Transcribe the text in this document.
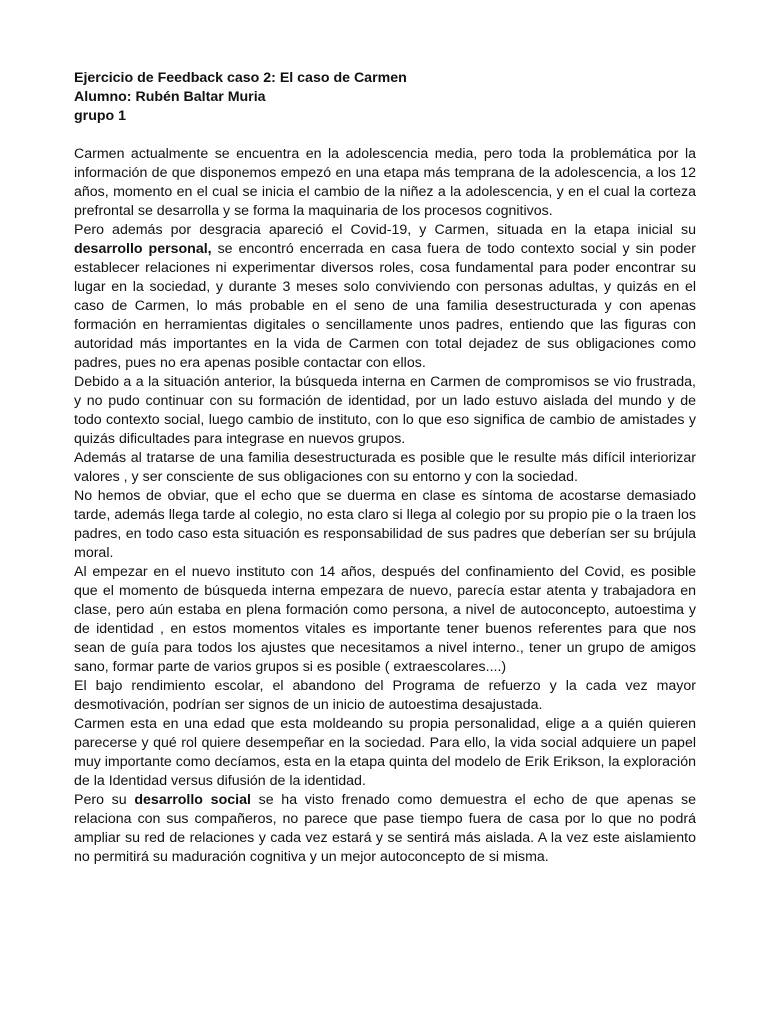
Ejercicio de Feedback caso 2: El caso de Carmen

Alumno: Rubén Baltar Muria

grupo 1

Carmen actualmente se encuentra en la adolescencia media, pero toda la problemática por la información de que disponemos empezó en una etapa más temprana de la adolescencia, a los 12 años, momento en el cual se inicia el cambio de la niñez a la adolescencia, y en el cual la corteza prefrontal se desarrolla y se forma la maquinaria de los procesos cognitivos.

Pero además por desgracia apareció el Covid-19, y Carmen, situada en la etapa inicial su desarrollo personal, se encontró encerrada en casa fuera de todo contexto social y sin poder establecer relaciones ni experimentar diversos roles, cosa fundamental para poder encontrar su lugar en la sociedad, y durante 3 meses solo conviviendo con personas adultas, y quizás en el caso de Carmen, lo más probable en el seno de una familia desestructurada y con apenas formación en herramientas digitales o sencillamente unos padres, entiendo que las figuras con autoridad más importantes en la vida de Carmen con total dejadez de sus obligaciones como padres, pues no era apenas posible contactar con ellos.

Debido a a la situación anterior, la búsqueda interna en Carmen de compromisos se vio frustrada, y no pudo continuar con su formación de identidad, por un lado estuvo aislada del mundo y de todo contexto social, luego cambio de instituto, con lo que eso significa de cambio de amistades y quizás dificultades para integrase en nuevos grupos.

Además al tratarse de una familia desestructurada es posible que le resulte más difícil interiorizar valores , y ser consciente de sus obligaciones con su entorno y con la sociedad.

No hemos de obviar, que el echo que se duerma en clase es síntoma de acostarse demasiado tarde, además llega tarde al colegio, no esta claro si llega al colegio por su propio pie o la traen los padres, en todo caso esta situación es responsabilidad de sus padres que deberían ser su brújula moral.

Al empezar en el nuevo instituto con 14 años, después del confinamiento del Covid, es posible que el momento de búsqueda interna empezara de nuevo, parecía estar atenta y trabajadora en clase, pero aún estaba en plena formación como persona, a nivel de autoconcepto, autoestima y de identidad , en estos momentos vitales es importante tener buenos referentes para que nos sean de guía para todos los ajustes que necesitamos a nivel interno., tener un grupo de amigos sano, formar parte de varios grupos si es posible ( extraescolares....)

El bajo rendimiento escolar, el abandono del Programa de refuerzo y la cada vez mayor desmotivación, podrían ser signos de un inicio de autoestima desajustada.

Carmen esta en una edad que esta moldeando su propia personalidad, elige a a quién quieren parecerse y qué rol quiere desempeñar en la sociedad. Para ello, la vida social adquiere un papel muy importante como decíamos, esta en la etapa quinta del modelo de Erik Erikson, la exploración de la Identidad versus difusión de la identidad.

Pero su desarrollo social se ha visto frenado como demuestra el echo de que apenas se relaciona con sus compañeros, no parece que pase tiempo fuera de casa por lo que no podrá ampliar su red de relaciones y cada vez estará y se sentirá más aislada. A la vez este aislamiento no permitirá su maduración cognitiva y un mejor autoconcepto de si misma.
